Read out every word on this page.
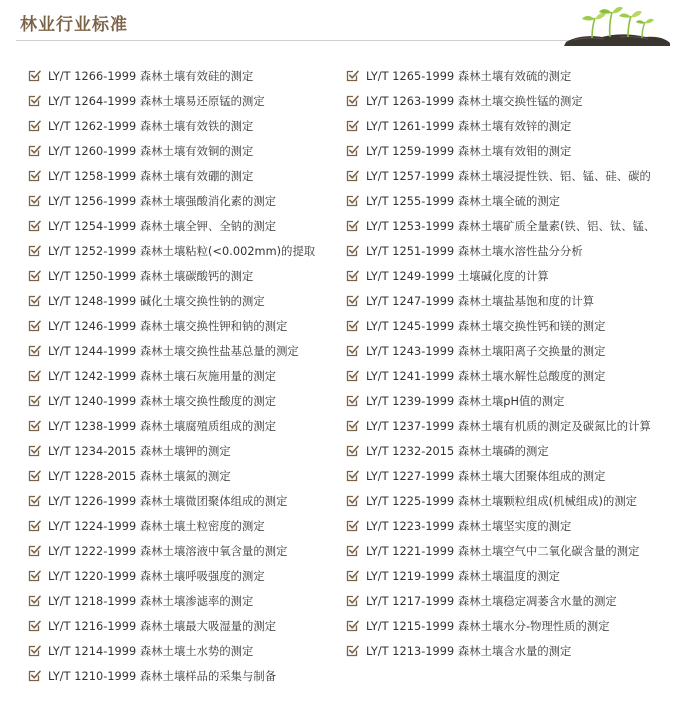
林业行业标准
LY/T 1266-1999 森林土壤有效硅的测定
LY/T 1264-1999 森林土壤易还原锰的测定
LY/T 1262-1999 森林土壤有效铁的测定
LY/T 1260-1999 森林土壤有效铜的测定
LY/T 1258-1999 森林土壤有效硼的测定
LY/T 1256-1999 森林土壤强酸消化素的测定
LY/T 1254-1999 森林土壤全钾、全钠的测定
LY/T 1252-1999 森林土壤粘粒(<0.002mm)的提取
LY/T 1250-1999 森林土壤碳酸钙的测定
LY/T 1248-1999 碱化土壤交换性钠的测定
LY/T 1246-1999 森林土壤交换性钾和钠的测定
LY/T 1244-1999 森林土壤交换性盐基总量的测定
LY/T 1242-1999 森林土壤石灰施用量的测定
LY/T 1240-1999 森林土壤交换性酸度的测定
LY/T 1238-1999 森林土壤腐殖质组成的测定
LY/T 1234-2015 森林土壤钾的测定
LY/T 1228-2015 森林土壤氮的测定
LY/T 1226-1999 森林土壤微团聚体组成的测定
LY/T 1224-1999 森林土壤土粒密度的测定
LY/T 1222-1999 森林土壤溶液中氧含量的测定
LY/T 1220-1999 森林土壤呼吸强度的测定
LY/T 1218-1999 森林土壤渗滤率的测定
LY/T 1216-1999 森林土壤最大吸湿量的测定
LY/T 1214-1999 森林土壤土水势的测定
LY/T 1210-1999 森林土壤样品的采集与制备
LY/T 1265-1999 森林土壤有效硫的测定
LY/T 1263-1999 森林土壤交换性锰的测定
LY/T 1261-1999 森林土壤有效锌的测定
LY/T 1259-1999 森林土壤有效钼的测定
LY/T 1257-1999 森林土壤浸提性铁、铝、锰、硅、碳的
LY/T 1255-1999 森林土壤全硫的测定
LY/T 1253-1999 森林土壤矿质全量素(铁、铝、钛、锰、
LY/T 1251-1999 森林土壤水溶性盐分分析
LY/T 1249-1999 土壤碱化度的计算
LY/T 1247-1999 森林土壤盐基饱和度的计算
LY/T 1245-1999 森林土壤交换性钙和镁的测定
LY/T 1243-1999 森林土壤阳离子交换量的测定
LY/T 1241-1999 森林土壤水解性总酸度的测定
LY/T 1239-1999 森林土壤pH值的测定
LY/T 1237-1999 森林土壤有机质的测定及碳氮比的计算
LY/T 1232-2015 森林土壤磷的测定
LY/T 1227-1999 森林土壤大团聚体组成的测定
LY/T 1225-1999 森林土壤颗粒组成(机械组成)的测定
LY/T 1223-1999 森林土壤坚实度的测定
LY/T 1221-1999 森林土壤空气中二氧化碳含量的测定
LY/T 1219-1999 森林土壤温度的测定
LY/T 1217-1999 森林土壤稳定凋萎含水量的测定
LY/T 1215-1999 森林土壤水分-物理性质的测定
LY/T 1213-1999 森林土壤含水量的测定
